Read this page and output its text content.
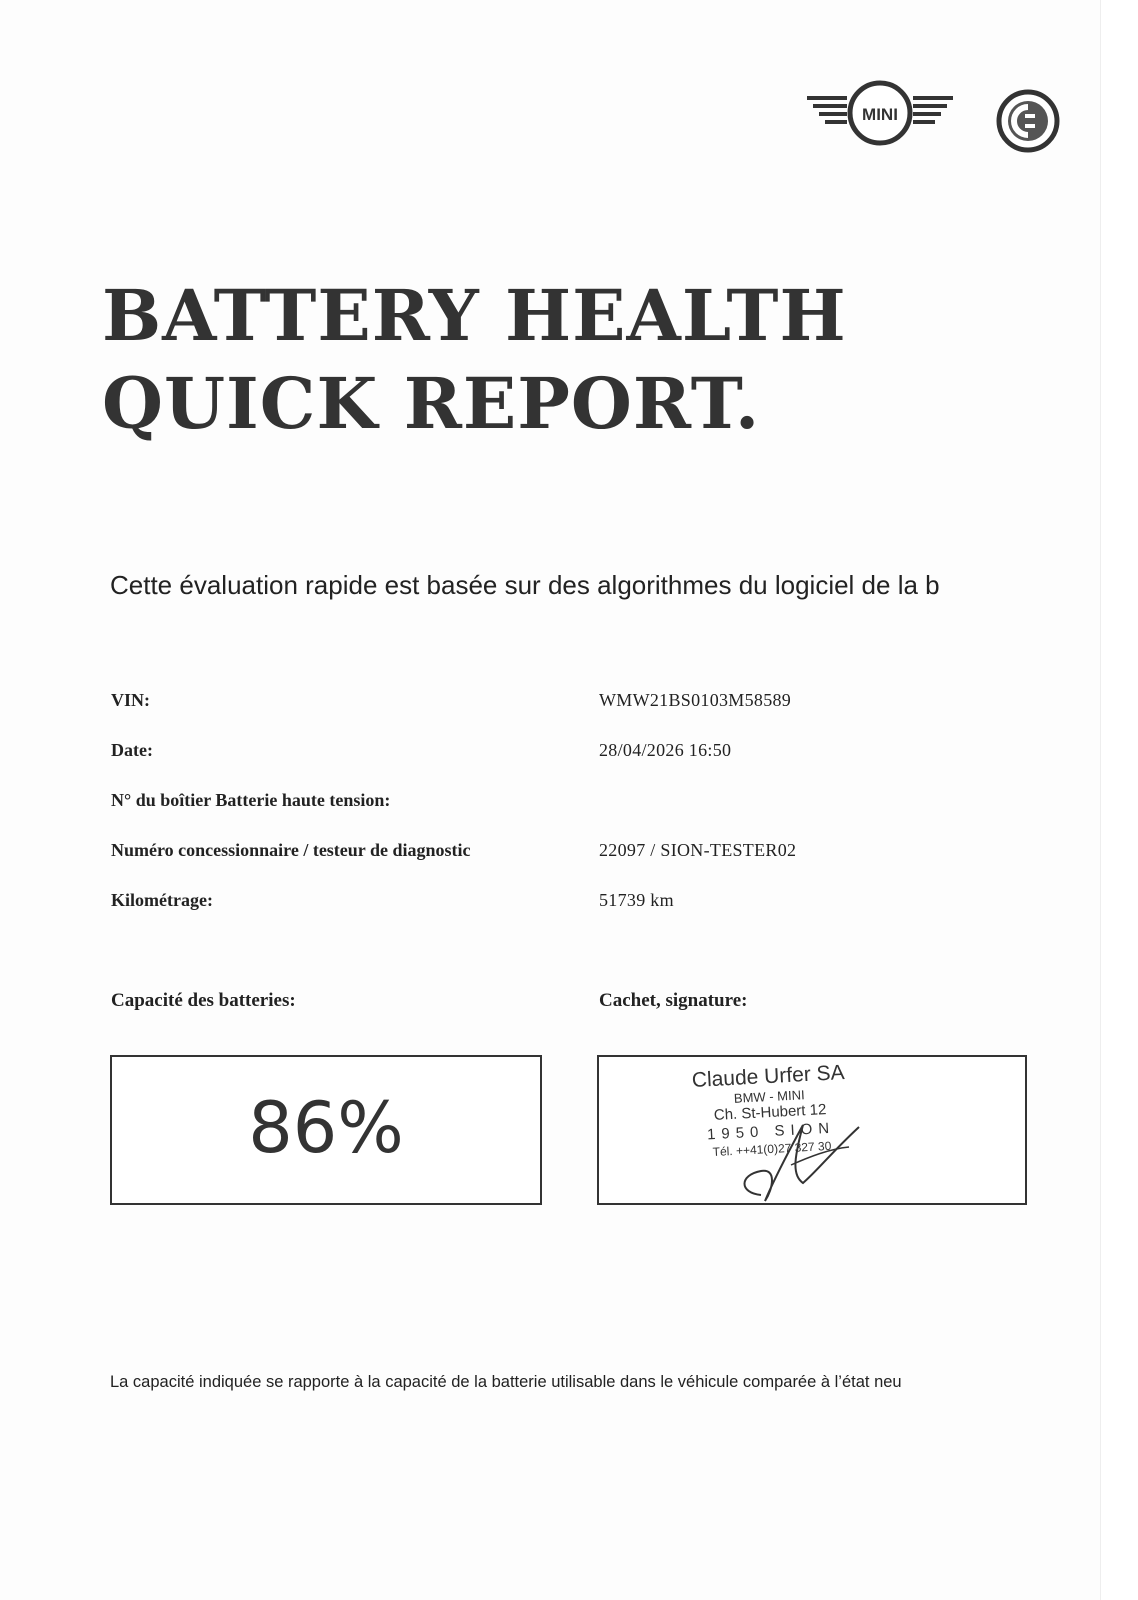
MINI
BATTERY HEALTH
QUICK REPORT.
Cette évaluation rapide est basée sur des algorithmes du logiciel de la b
VIN:	WMW21BS0103M58589
Date:	28/04/2026 16:50
N° du boîtier Batterie haute tension:
Numéro concessionnaire / testeur de diagnostic	22097 / SION-TESTER02
Kilométrage:	51739 km
Capacité des batteries:	Cachet, signature:
86%
Claude Urfer SA
BMW - MINI
Ch. St-Hubert 12
1950 SION
Tél. ++41(0)27 327 30
La capacité indiquée se rapporte à la capacité de la batterie utilisable dans le véhicule comparée à l’état neu
